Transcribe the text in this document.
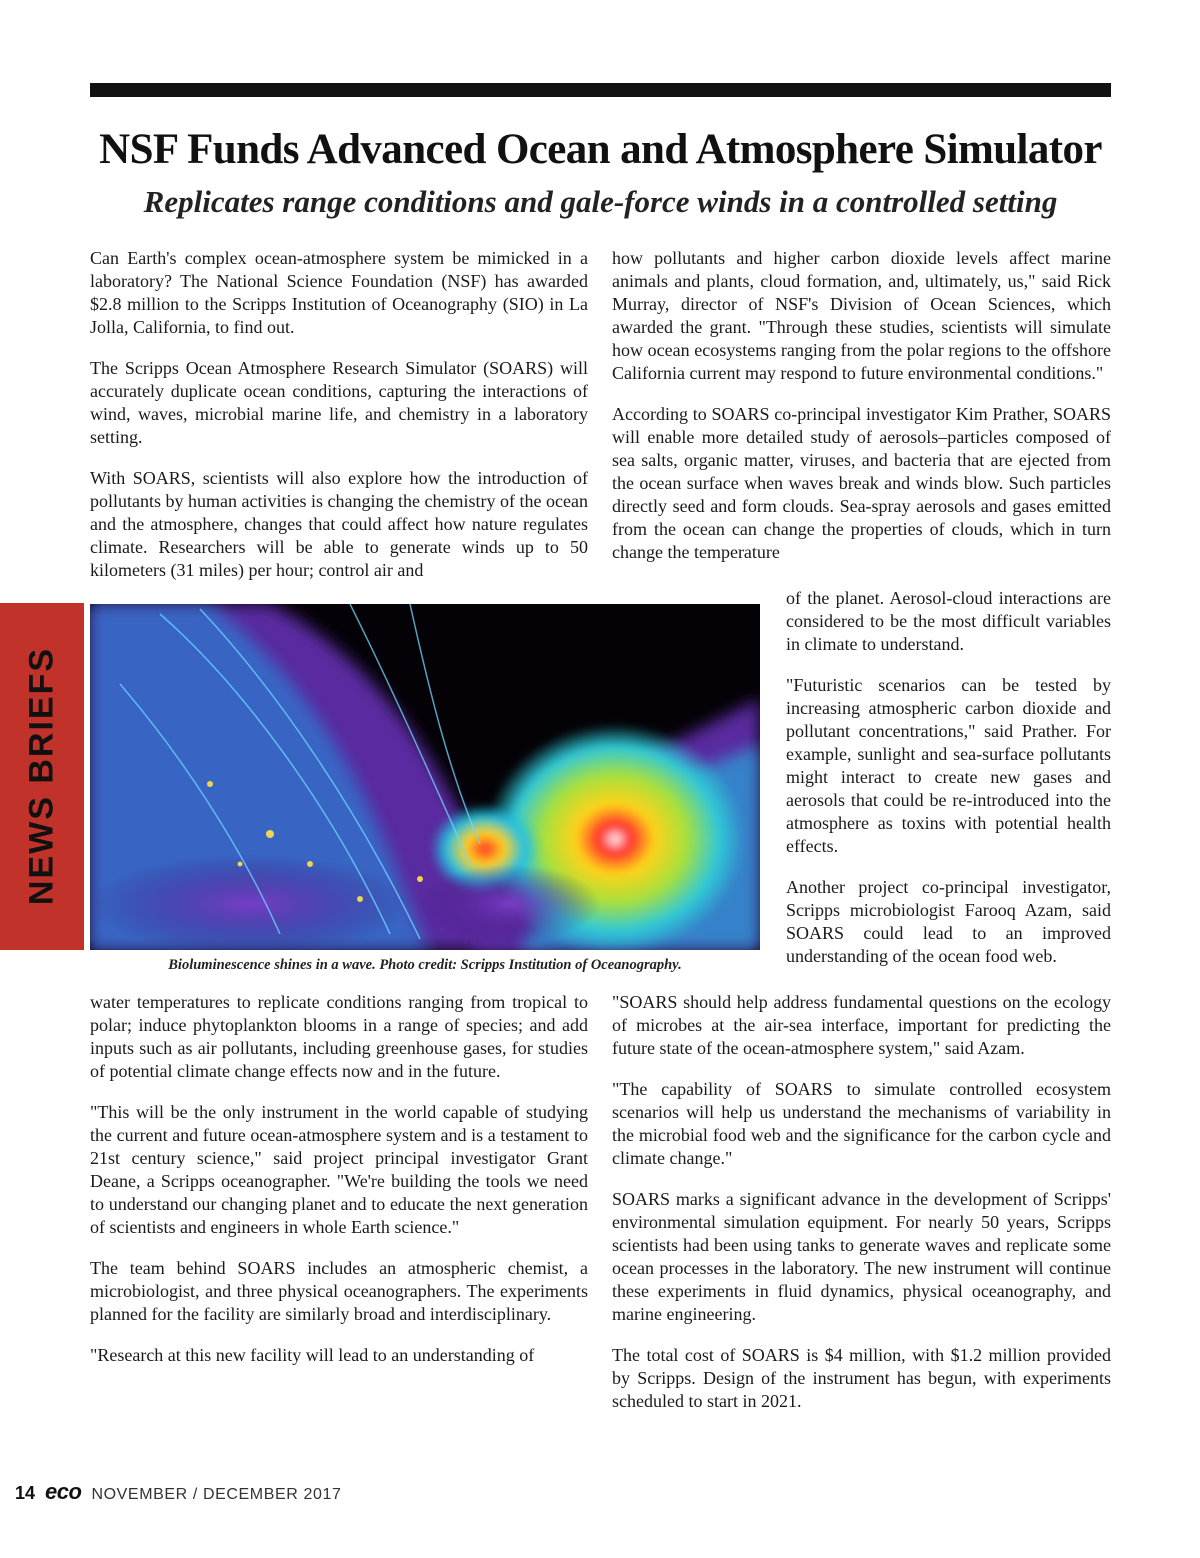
NSF Funds Advanced Ocean and Atmosphere Simulator
Replicates range conditions and gale-force winds in a controlled setting

Can Earth's complex ocean-atmosphere system be mimicked in a laboratory? The National Science Foundation (NSF) has awarded $2.8 million to the Scripps Institution of Oceanography (SIO) in La Jolla, California, to find out.

The Scripps Ocean Atmosphere Research Simulator (SOARS) will accurately duplicate ocean conditions, capturing the interactions of wind, waves, microbial marine life, and chemistry in a laboratory setting.

With SOARS, scientists will also explore how the introduction of pollutants by human activities is changing the chemistry of the ocean and the atmosphere, changes that could affect how nature regulates climate. Researchers will be able to generate winds up to 50 kilometers (31 miles) per hour; control air and

how pollutants and higher carbon dioxide levels affect marine animals and plants, cloud formation, and, ultimately, us," said Rick Murray, director of NSF's Division of Ocean Sciences, which awarded the grant. "Through these studies, scientists will simulate how ocean ecosystems ranging from the polar regions to the offshore California current may respond to future environmental conditions."

According to SOARS co-principal investigator Kim Prather, SOARS will enable more detailed study of aerosols–particles composed of sea salts, organic matter, viruses, and bacteria that are ejected from the ocean surface when waves break and winds blow. Such particles directly seed and form clouds. Sea-spray aerosols and gases emitted from the ocean can change the properties of clouds, which in turn change the temperature

of the planet. Aerosol-cloud interactions are considered to be the most difficult variables in climate to understand.

"Futuristic scenarios can be tested by increasing atmospheric carbon dioxide and pollutant concentrations," said Prather. For example, sunlight and sea-surface pollutants might interact to create new gases and aerosols that could be re-introduced into the atmosphere as toxins with potential health effects.

Another project co-principal investigator, Scripps microbiologist Farooq Azam, said SOARS could lead to an improved understanding of the ocean food web.

NEWS BRIEFS
Bioluminescence shines in a wave. Photo credit: Scripps Institution of Oceanography.

water temperatures to replicate conditions ranging from tropical to polar; induce phytoplankton blooms in a range of species; and add inputs such as air pollutants, including greenhouse gases, for studies of potential climate change effects now and in the future.

"This will be the only instrument in the world capable of studying the current and future ocean-atmosphere system and is a testament to 21st century science," said project principal investigator Grant Deane, a Scripps oceanographer. "We're building the tools we need to understand our changing planet and to educate the next generation of scientists and engineers in whole Earth science."

The team behind SOARS includes an atmospheric chemist, a microbiologist, and three physical oceanographers. The experiments planned for the facility are similarly broad and interdisciplinary.

"Research at this new facility will lead to an understanding of

"SOARS should help address fundamental questions on the ecology of microbes at the air-sea interface, important for predicting the future state of the ocean-atmosphere system," said Azam.

"The capability of SOARS to simulate controlled ecosystem scenarios will help us understand the mechanisms of variability in the microbial food web and the significance for the carbon cycle and climate change."

SOARS marks a significant advance in the development of Scripps' environmental simulation equipment. For nearly 50 years, Scripps scientists had been using tanks to generate waves and replicate some ocean processes in the laboratory. The new instrument will continue these experiments in fluid dynamics, physical oceanography, and marine engineering.

The total cost of SOARS is $4 million, with $1.2 million provided by Scripps. Design of the instrument has begun, with experiments scheduled to start in 2021.

14 eco NOVEMBER / DECEMBER 2017
